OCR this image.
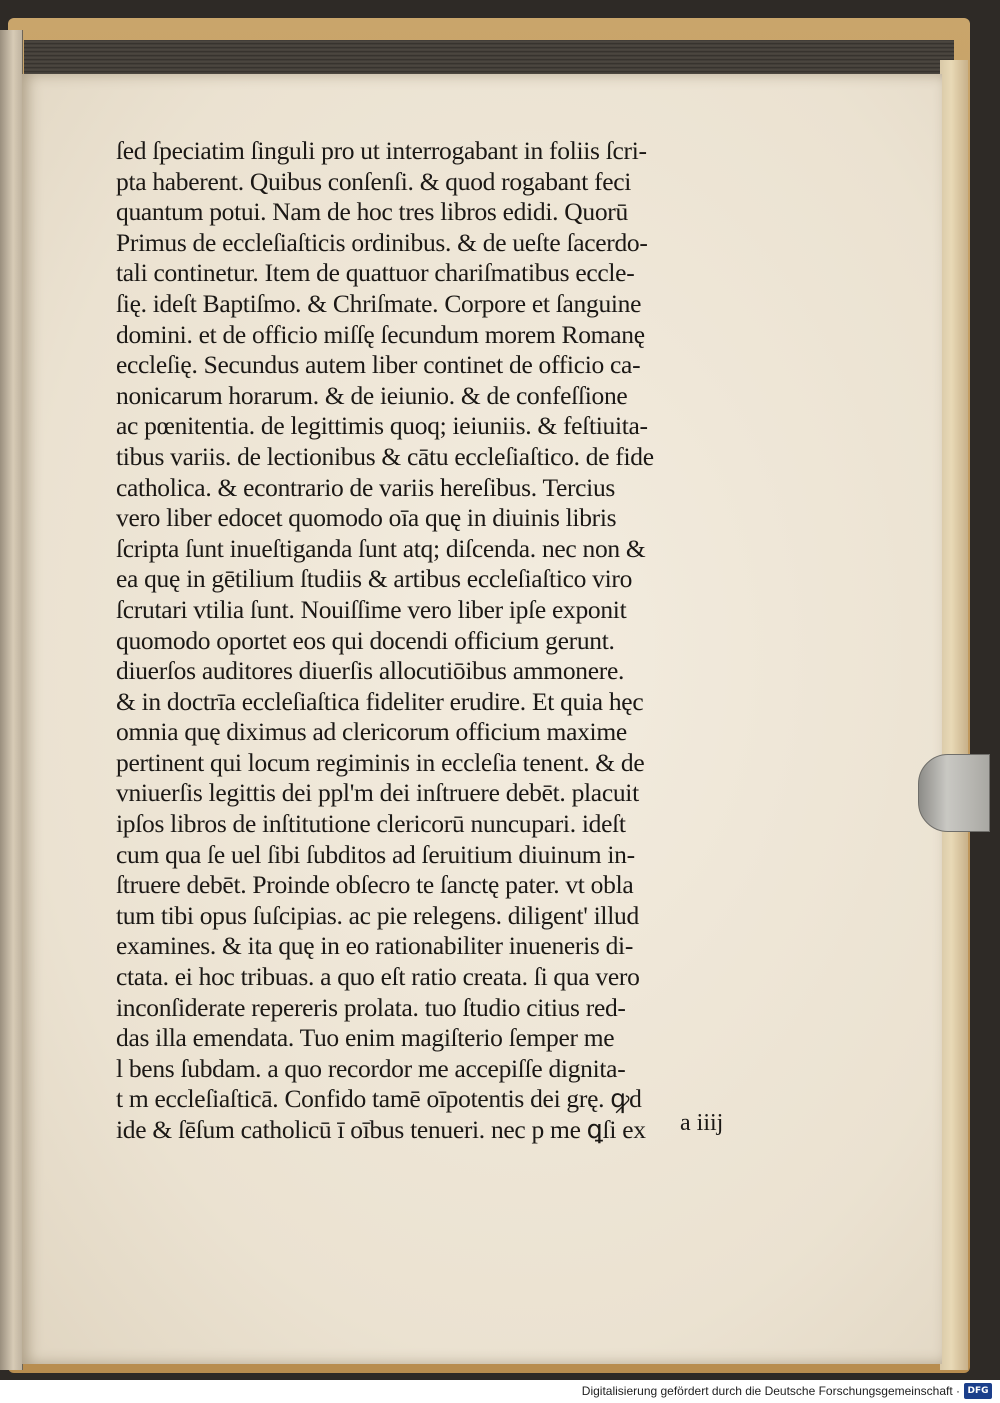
ſed ſpeciatim ſinguli pro ut interrogabant in foliis ſcri-
pta haberent. Quibus conſenſi. & quod rogabant feci
quantum potui. Nam de hoc tres libros edidi. Quorū
Primus de eccleſiaſticis ordinibus. & de ueſte ſacerdo-
tali continetur. Item de quattuor chariſmatibus eccle-
ſię. ideſt Baptiſmo. & Chriſmate. Corpore et ſanguine
domini. et de officio miſſę ſecundum morem Romanę
eccleſię. Secundus autem liber continet de officio ca-
nonicarum horarum. & de ieiunio. & de confeſſione
ac pœnitentia. de legittimis quoq; ieiuniis. & feſtiuita-
tibus variis. de lectionibus & cātu eccleſiaſtico. de fide
catholica. & econtrario de variis hereſibus. Tercius
vero liber edocet quomodo oīa quę in diuinis libris
ſcripta ſunt inueſtiganda ſunt atq; diſcenda. nec non &
ea quę in gētilium ſtudiis & artibus eccleſiaſtico viro
ſcrutari vtilia ſunt. Nouiſſime vero liber ipſe exponit
quomodo oportet eos qui docendi officium gerunt.
diuerſos auditores diuerſis allocutiōibus ammonere.
& in doctrīa eccleſiaſtica fideliter erudire. Et quia hęc
omnia quę diximus ad clericorum officium maxime
pertinent qui locum regiminis in eccleſia tenent. & de
vniuerſis legittis dei ppl'm dei inſtruere debēt. placuit
ipſos libros de inſtitutione clericorū nuncupari. ideſt
cum qua ſe uel ſibi ſubditos ad ſeruitium diuinum in-
ſtruere debēt. Proinde obſecro te ſanctę pater. vt obla
tum tibi opus ſuſcipias. ac pie relegens. diligent' illud
examines. & ita quę in eo rationabiliter inueneris di-
ctata. ei hoc tribuas. a quo eſt ratio creata. ſi qua vero
inconſiderate repereris prolata. tuo ſtudio citius red-
das illa emendata. Tuo enim magiſterio ſemper me
l bens ſubdam. a quo recordor me accepiſſe dignita-
t m eccleſiaſticā. Confido tamē oīpotentis dei grę. ꝙd
ide & ſēſum catholicū ī oībus tenueri. nec p me ꝗſi ex	a iiij
Digitalisierung gefördert durch die Deutsche Forschungsgemeinschaft · DFG
